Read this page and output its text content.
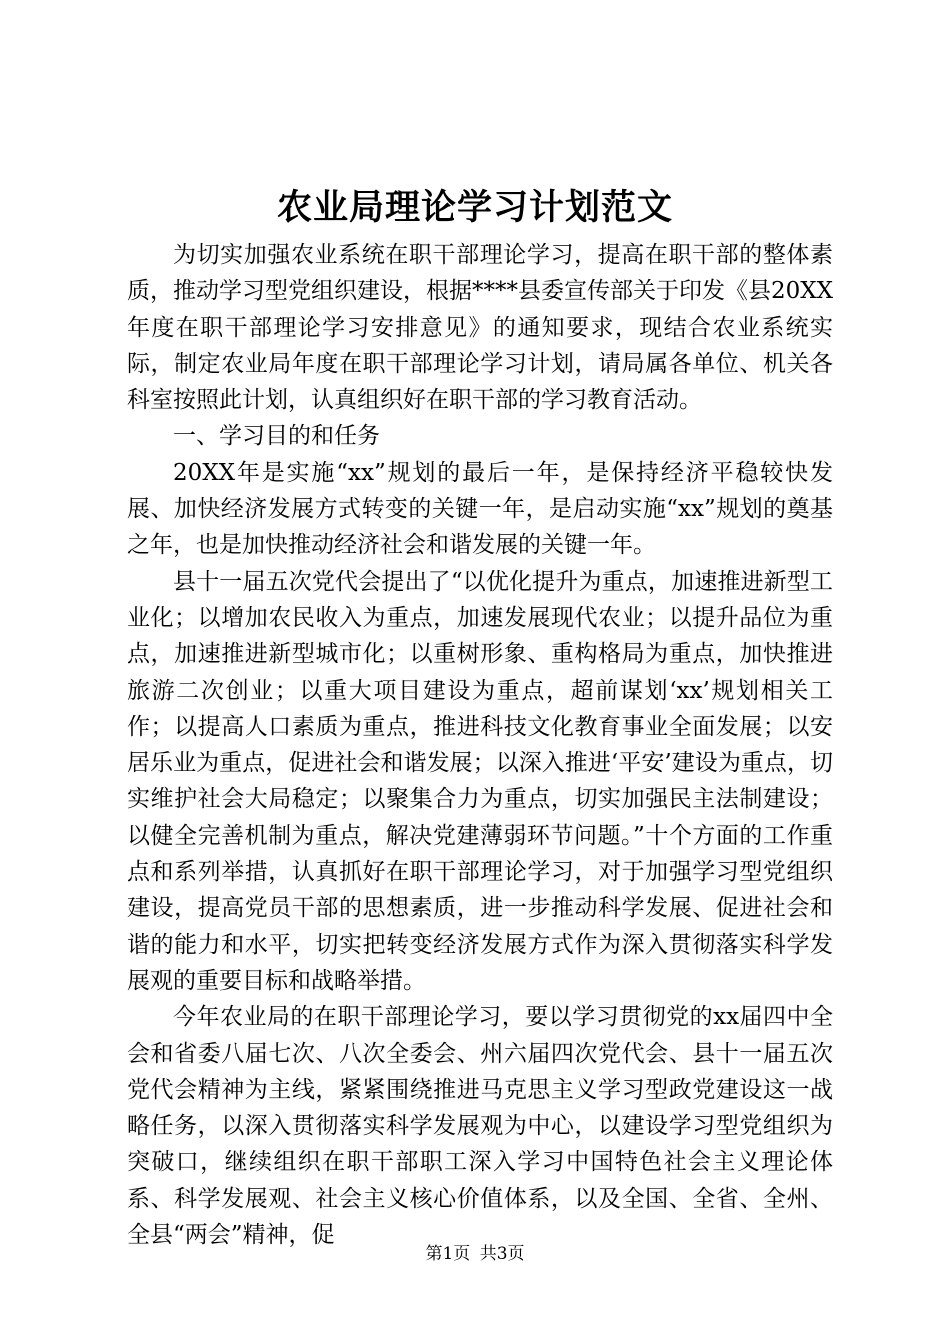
农业局理论学习计划范文

为切实加强农业系统在职干部理论学习，提高在职干部的整体素质，推动学习型党组织建设，根据****县委宣传部关于印发《县20XX年度在职干部理论学习安排意见》的通知要求，现结合农业系统实际，制定农业局年度在职干部理论学习计划，请局属各单位、机关各科室按照此计划，认真组织好在职干部的学习教育活动。

一、学习目的和任务

20XX年是实施“xx”规划的最后一年，是保持经济平稳较快发展、加快经济发展方式转变的关键一年，是启动实施“xx”规划的奠基之年，也是加快推动经济社会和谐发展的关键一年。

县十一届五次党代会提出了“以优化提升为重点，加速推进新型工业化；以增加农民收入为重点，加速发展现代农业；以提升品位为重点，加速推进新型城市化；以重树形象、重构格局为重点，加快推进旅游二次创业；以重大项目建设为重点，超前谋划‘xx’规划相关工作；以提高人口素质为重点，推进科技文化教育事业全面发展；以安居乐业为重点，促进社会和谐发展；以深入推进‘平安’建设为重点，切实维护社会大局稳定；以聚集合力为重点，切实加强民主法制建设；以健全完善机制为重点，解决党建薄弱环节问题。”十个方面的工作重点和系列举措，认真抓好在职干部理论学习，对于加强学习型党组织建设，提高党员干部的思想素质，进一步推动科学发展、促进社会和谐的能力和水平，切实把转变经济发展方式作为深入贯彻落实科学发展观的重要目标和战略举措。

今年农业局的在职干部理论学习，要以学习贯彻党的xx届四中全会和省委八届七次、八次全委会、州六届四次党代会、县十一届五次党代会精神为主线，紧紧围绕推进马克思主义学习型政党建设这一战略任务，以深入贯彻落实科学发展观为中心，以建设学习型党组织为突破口，继续组织在职干部职工深入学习中国特色社会主义理论体系、科学发展观、社会主义核心价值体系，以及全国、全省、全州、全县“两会”精神，促

第1页 共3页
